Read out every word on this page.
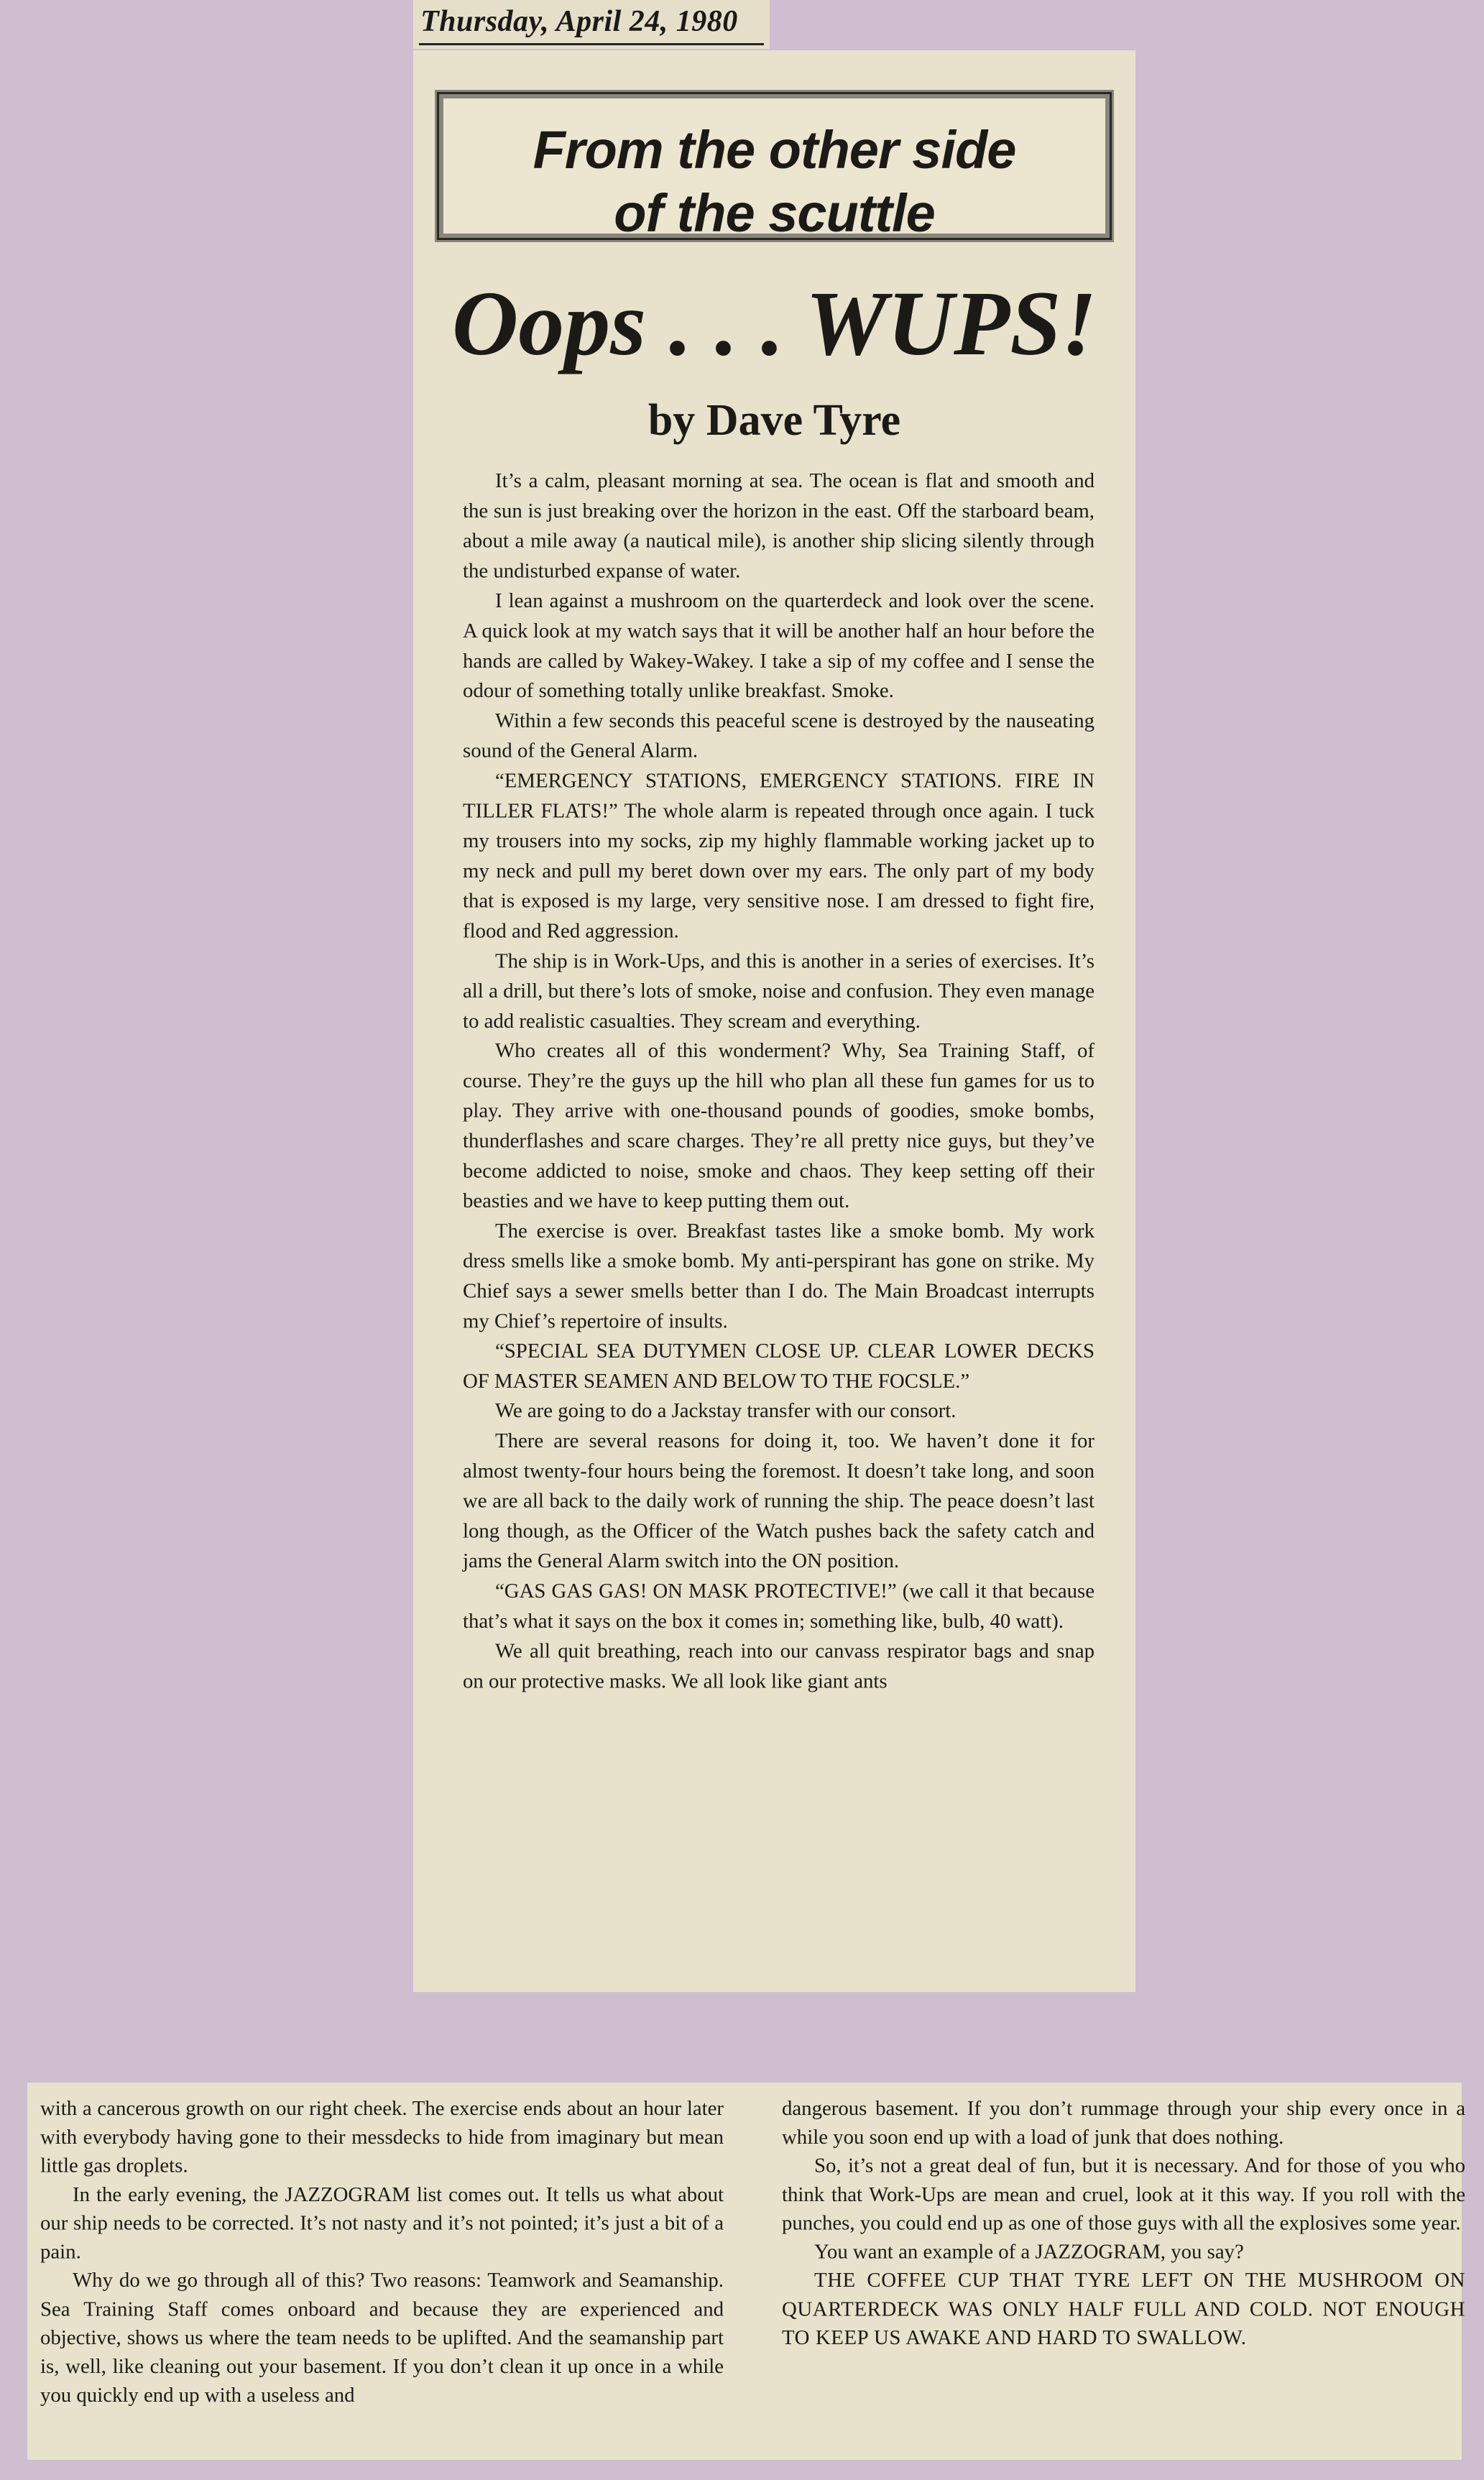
Thursday, April 24, 1980
From the other side
of the scuttle
Oops . . . WUPS!
by Dave Tyre

It’s a calm, pleasant morning at sea. The ocean is flat and smooth and the sun is just breaking over the horizon in the east. Off the starboard beam, about a mile away (a nautical mile), is another ship slicing silently through the undisturbed expanse of water.

I lean against a mushroom on the quarterdeck and look over the scene. A quick look at my watch says that it will be another half an hour before the hands are called by Wakey-Wakey. I take a sip of my coffee and I sense the odour of something totally unlike breakfast. Smoke.

Within a few seconds this peaceful scene is destroyed by the nauseating sound of the General Alarm.

“EMERGENCY STATIONS, EMERGENCY STATIONS. FIRE IN TILLER FLATS!” The whole alarm is repeated through once again. I tuck my trousers into my socks, zip my highly flammable working jacket up to my neck and pull my beret down over my ears. The only part of my body that is exposed is my large, very sensitive nose. I am dressed to fight fire, flood and Red aggression.

The ship is in Work-Ups, and this is another in a series of exercises. It’s all a drill, but there’s lots of smoke, noise and confusion. They even manage to add realistic casualties. They scream and everything.

Who creates all of this wonderment? Why, Sea Training Staff, of course. They’re the guys up the hill who plan all these fun games for us to play. They arrive with one-thousand pounds of goodies, smoke bombs, thunderflashes and scare charges. They’re all pretty nice guys, but they’ve become addicted to noise, smoke and chaos. They keep setting off their beasties and we have to keep putting them out.

The exercise is over. Breakfast tastes like a smoke bomb. My work dress smells like a smoke bomb. My anti-perspirant has gone on strike. My Chief says a sewer smells better than I do. The Main Broadcast interrupts my Chief’s repertoire of insults.

“SPECIAL SEA DUTYMEN CLOSE UP. CLEAR LOWER DECKS OF MASTER SEAMEN AND BELOW TO THE FOCSLE.”

We are going to do a Jackstay transfer with our consort.

There are several reasons for doing it, too. We haven’t done it for almost twenty-four hours being the foremost. It doesn’t take long, and soon we are all back to the daily work of running the ship. The peace doesn’t last long though, as the Officer of the Watch pushes back the safety catch and jams the General Alarm switch into the ON position.

“GAS GAS GAS! ON MASK PROTECTIVE!” (we call it that because that’s what it says on the box it comes in; something like, bulb, 40 watt).

We all quit breathing, reach into our canvass respirator bags and snap on our protective masks. We all look like giant ants

with a cancerous growth on our right cheek. The exercise ends about an hour later with everybody having gone to their messdecks to hide from imaginary but mean little gas droplets.

In the early evening, the JAZZOGRAM list comes out. It tells us what about our ship needs to be corrected. It’s not nasty and it’s not pointed; it’s just a bit of a pain.

Why do we go through all of this? Two reasons: Teamwork and Seamanship. Sea Training Staff comes onboard and because they are experienced and objective, shows us where the team needs to be uplifted. And the seamanship part is, well, like cleaning out your basement. If you don’t clean it up once in a while you quickly end up with a useless and

dangerous basement. If you don’t rummage through your ship every once in a while you soon end up with a load of junk that does nothing.

So, it’s not a great deal of fun, but it is necessary. And for those of you who think that Work-Ups are mean and cruel, look at it this way. If you roll with the punches, you could end up as one of those guys with all the explosives some year.

You want an example of a JAZZOGRAM, you say?

THE COFFEE CUP THAT TYRE LEFT ON THE MUSHROOM ON QUARTERDECK WAS ONLY HALF FULL AND COLD. NOT ENOUGH TO KEEP US AWAKE AND HARD TO SWALLOW.
